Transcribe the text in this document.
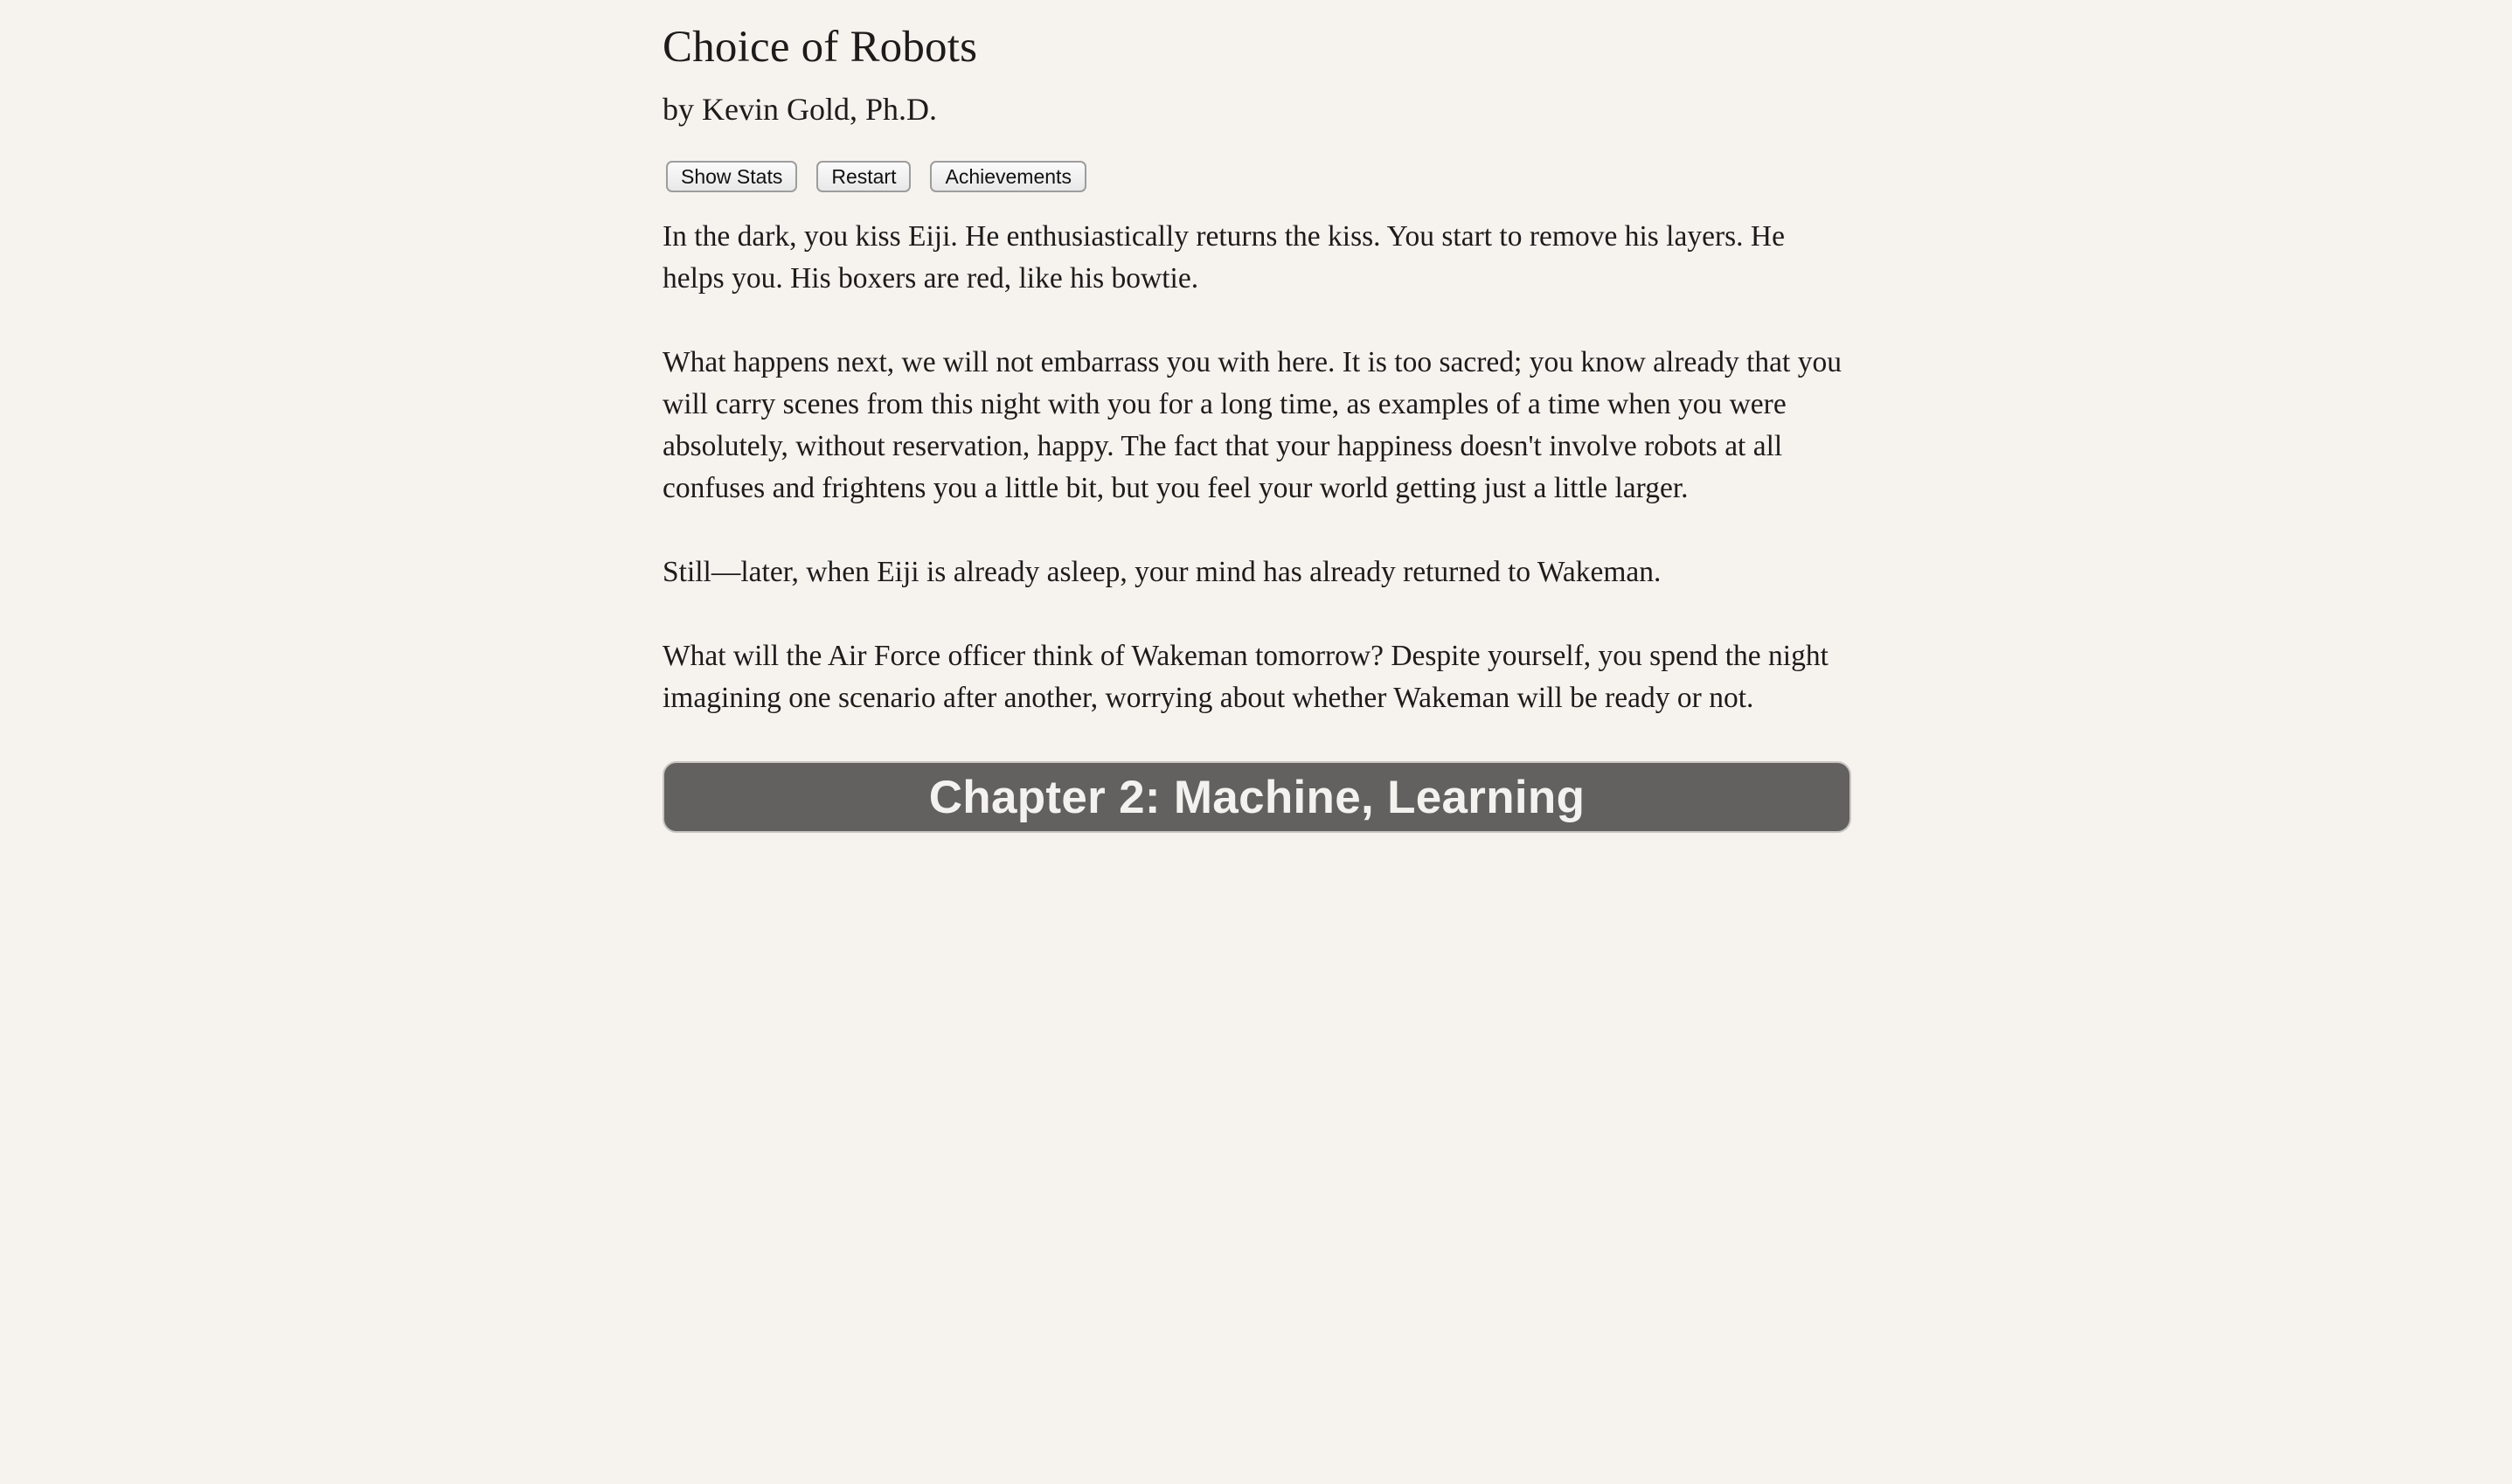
Choice of Robots
by Kevin Gold, Ph.D.
Show Stats	Restart	Achievements

In the dark, you kiss Eiji. He enthusiastically returns the kiss. You start to remove his layers. He helps you. His boxers are red, like his bowtie.

What happens next, we will not embarrass you with here. It is too sacred; you know already that you will carry scenes from this night with you for a long time, as examples of a time when you were absolutely, without reservation, happy. The fact that your happiness doesn't involve robots at all confuses and frightens you a little bit, but you feel your world getting just a little larger.

Still—later, when Eiji is already asleep, your mind has already returned to Wakeman.

What will the Air Force officer think of Wakeman tomorrow? Despite yourself, you spend the night imagining one scenario after another, worrying about whether Wakeman will be ready or not.

Chapter 2: Machine, Learning
